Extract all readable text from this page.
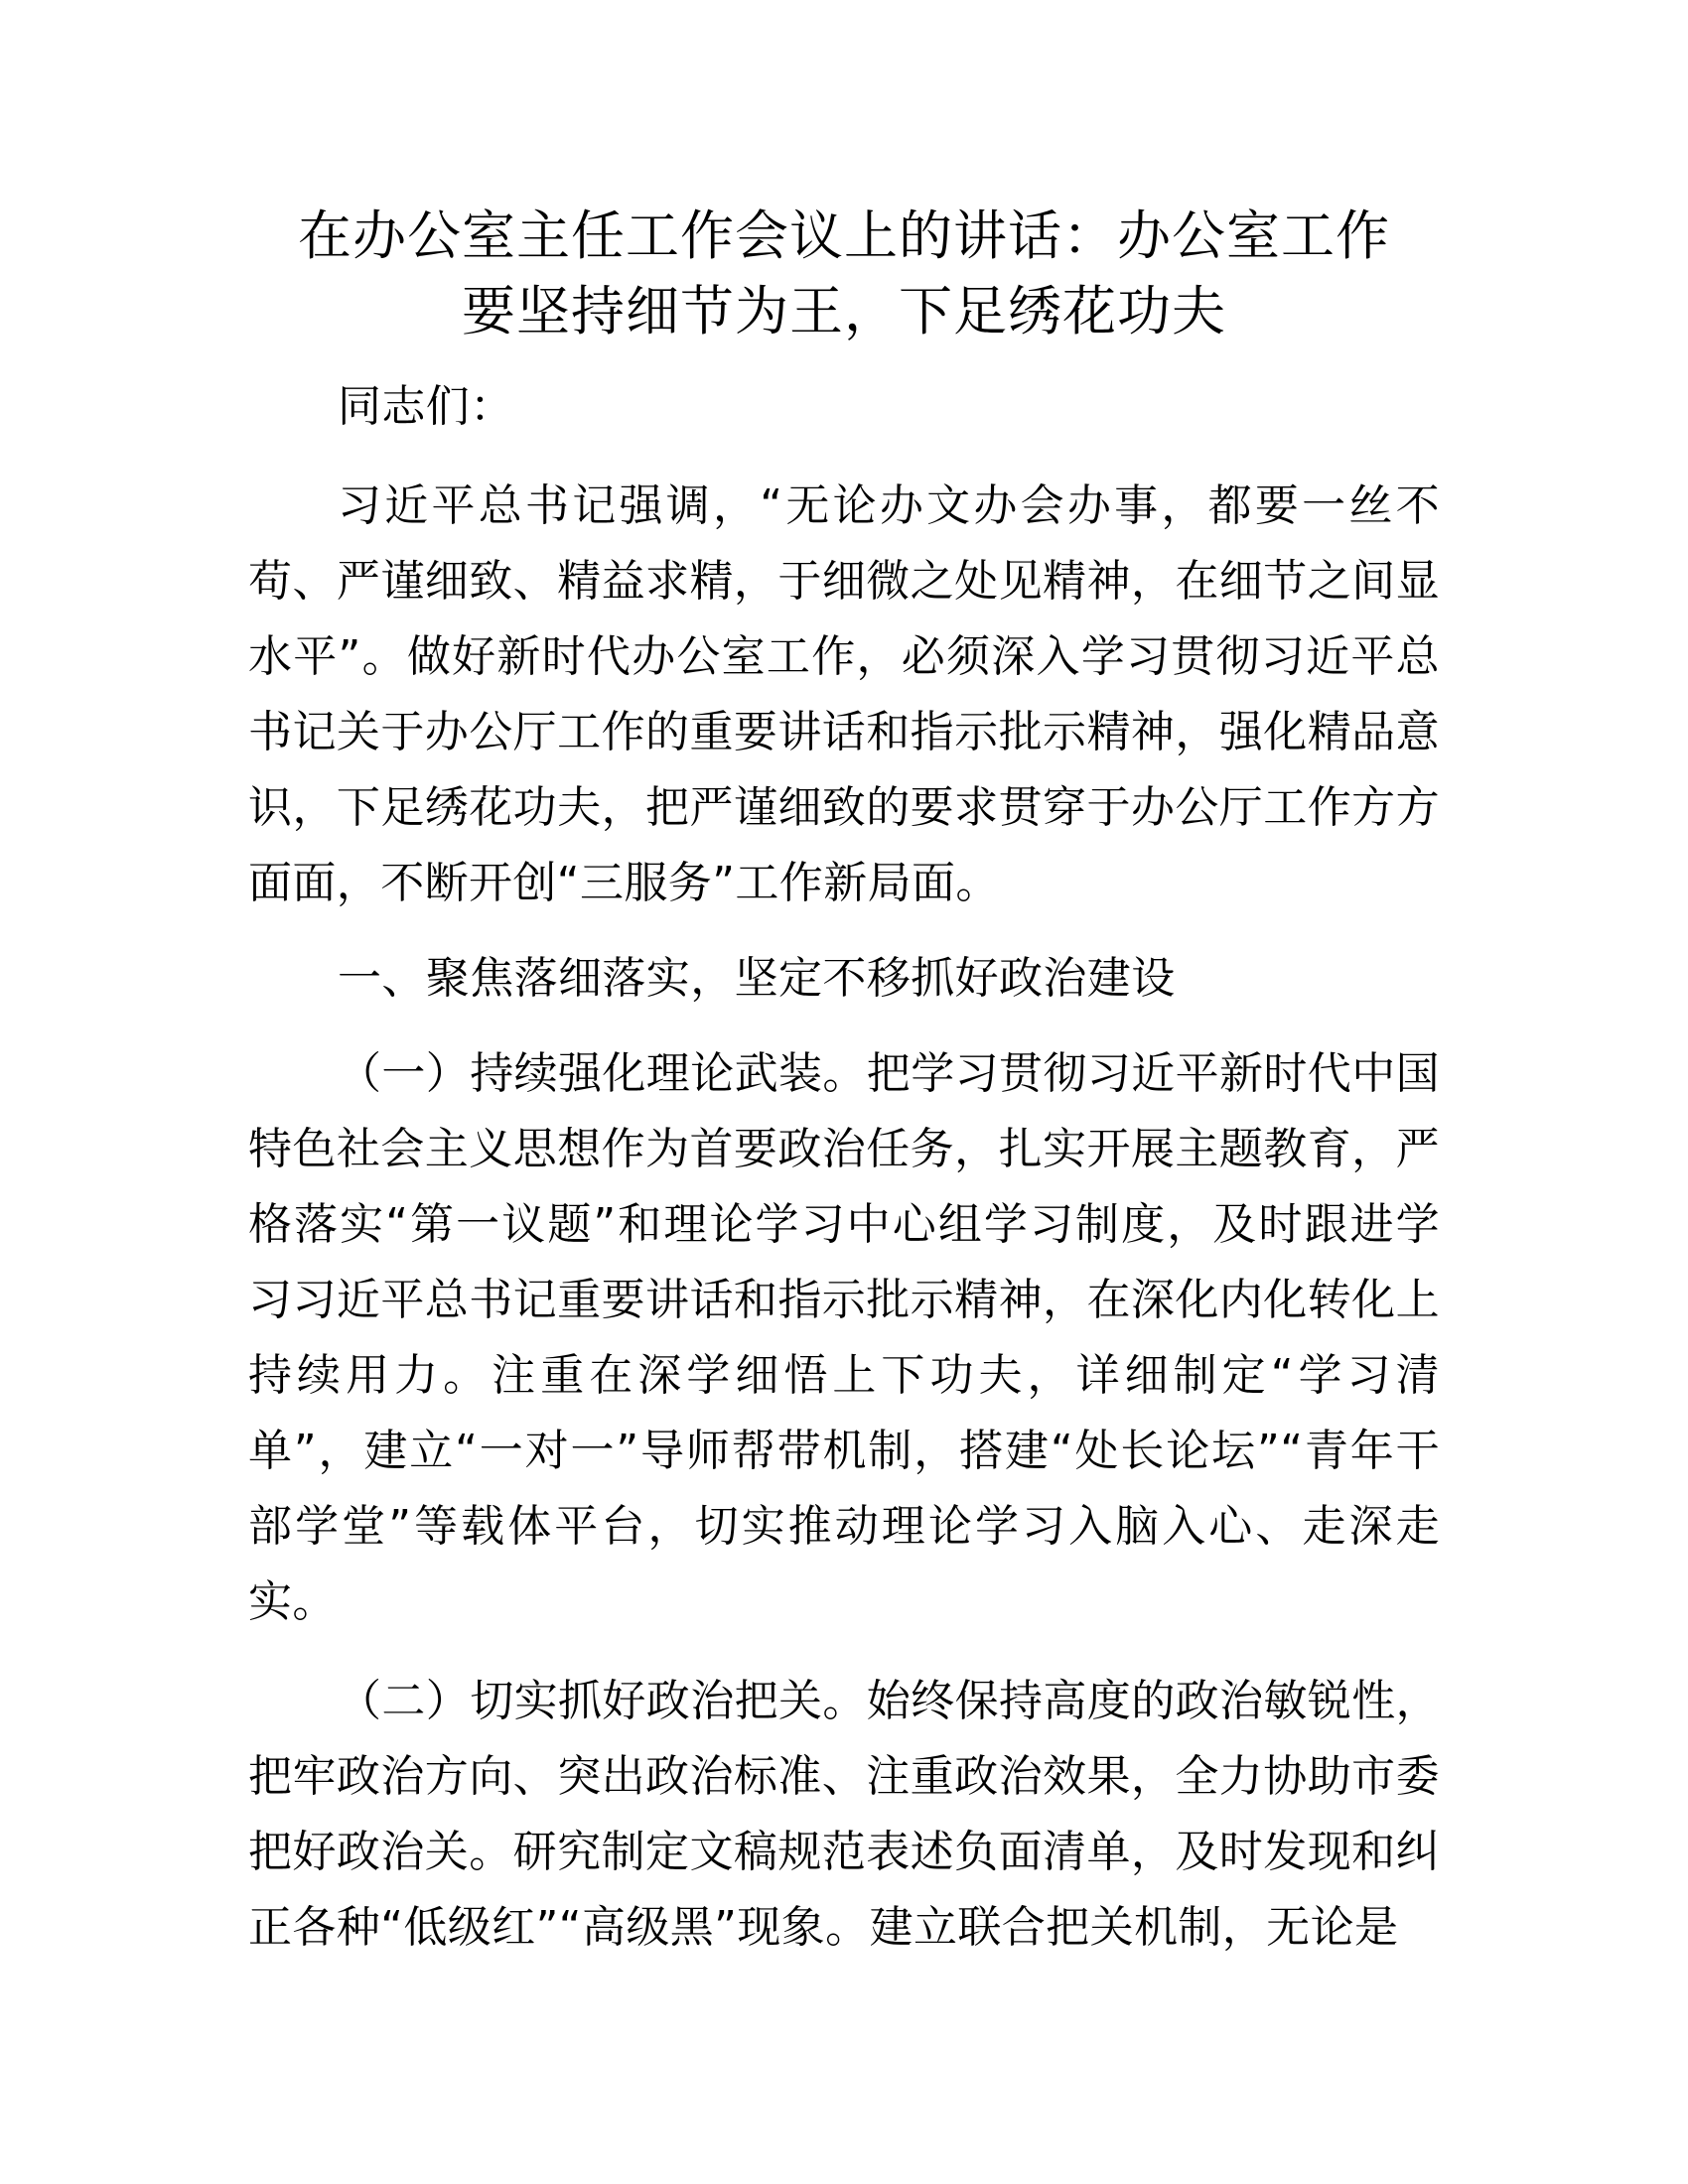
在办公室主任工作会议上的讲话：办公室工作
要坚持细节为王，下足绣花功夫

同志们：

习近平总书记强调，“无论办文办会办事，都要一丝不苟、严谨细致、精益求精，于细微之处见精神，在细节之间显水平”。做好新时代办公室工作，必须深入学习贯彻习近平总书记关于办公厅工作的重要讲话和指示批示精神，强化精品意识，下足绣花功夫，把严谨细致的要求贯穿于办公厅工作方方面面，不断开创“三服务”工作新局面。

一、聚焦落细落实，坚定不移抓好政治建设

（一）持续强化理论武装。把学习贯彻习近平新时代中国特色社会主义思想作为首要政治任务，扎实开展主题教育，严格落实“第一议题”和理论学习中心组学习制度，及时跟进学习习近平总书记重要讲话和指示批示精神，在深化内化转化上持续用力。注重在深学细悟上下功夫，详细制定“学习清单”，建立“一对一”导师帮带机制，搭建“处长论坛”“青年干部学堂”等载体平台，切实推动理论学习入脑入心、走深走实。

（二）切实抓好政治把关。始终保持高度的政治敏锐性，把牢政治方向、突出政治标准、注重政治效果，全力协助市委把好政治关。研究制定文稿规范表述负面清单，及时发现和纠正各种“低级红”“高级黑”现象。建立联合把关机制，无论是
